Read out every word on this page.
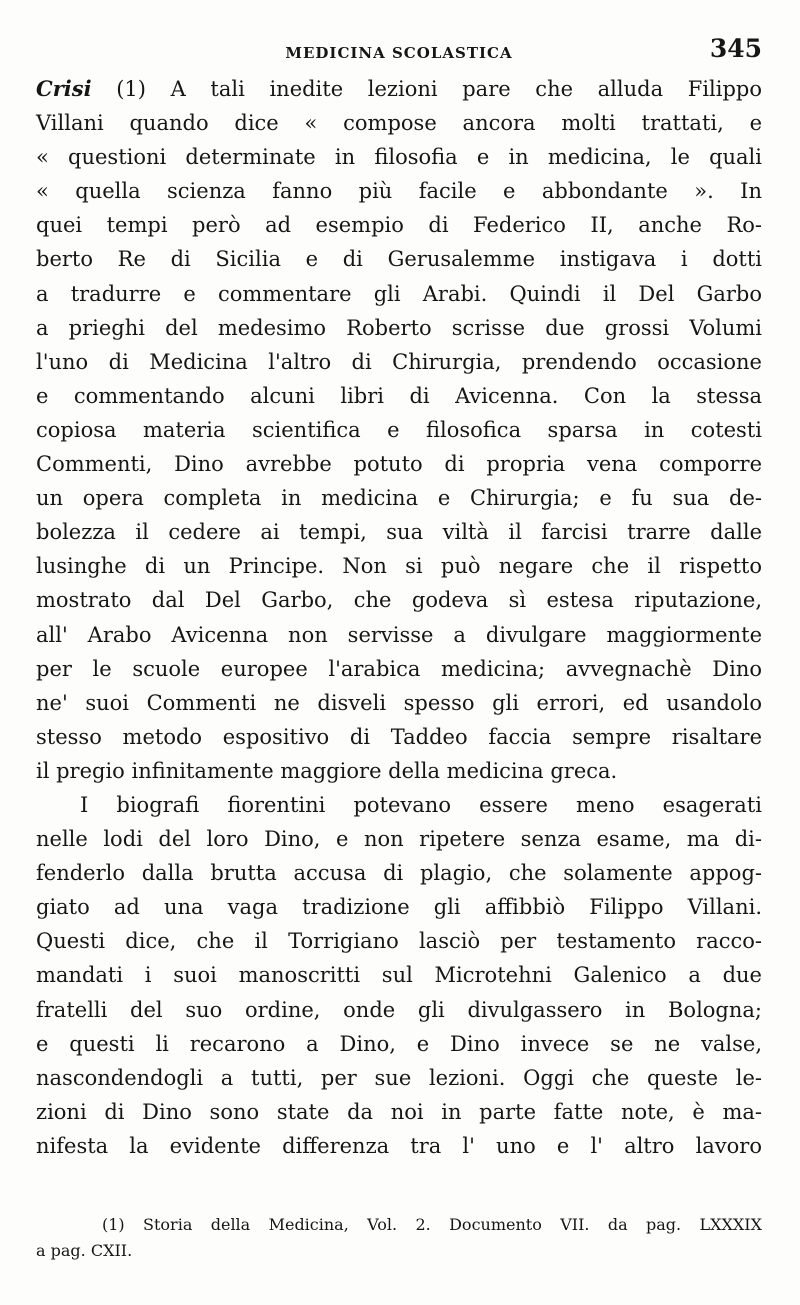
MEDICINA SCOLASTICA	345
Crisi (1) A tali inedite lezioni pare che alluda Filippo
Villani quando dice « compose ancora molti trattati, e
« questioni determinate in filosofia e in medicina, le quali
« quella scienza fanno più facile e abbondante ». In
quei tempi però ad esempio di Federico II, anche Ro-
berto Re di Sicilia e di Gerusalemme instigava i dotti
a tradurre e commentare gli Arabi. Quindi il Del Garbo
a prieghi del medesimo Roberto scrisse due grossi Volumi
l'uno di Medicina l'altro di Chirurgia, prendendo occasione
e commentando alcuni libri di Avicenna. Con la stessa
copiosa materia scientifica e filosofica sparsa in cotesti
Commenti, Dino avrebbe potuto di propria vena comporre
un opera completa in medicina e Chirurgia; e fu sua de-
bolezza il cedere ai tempi, sua viltà il farcisi trarre dalle
lusinghe di un Principe. Non si può negare che il rispetto
mostrato dal Del Garbo, che godeva sì estesa riputazione,
all' Arabo Avicenna non servisse a divulgare maggiormente
per le scuole europee l'arabica medicina; avvegnachè Dino
ne' suoi Commenti ne disveli spesso gli errori, ed usandolo
stesso metodo espositivo di Taddeo faccia sempre risaltare
il pregio infinitamente maggiore della medicina greca.
I biografi fiorentini potevano essere meno esagerati
nelle lodi del loro Dino, e non ripetere senza esame, ma di-
fenderlo dalla brutta accusa di plagio, che solamente appog-
giato ad una vaga tradizione gli affibbiò Filippo Villani.
Questi dice, che il Torrigiano lasciò per testamento racco-
mandati i suoi manoscritti sul Microtehni Galenico a due
fratelli del suo ordine, onde gli divulgassero in Bologna;
e questi li recarono a Dino, e Dino invece se ne valse,
nascondendogli a tutti, per sue lezioni. Oggi che queste le-
zioni di Dino sono state da noi in parte fatte note, è ma-
nifesta la evidente differenza tra l' uno e l' altro lavoro
(1) Storia della Medicina, Vol. 2. Documento VII. da pag. LXXXIX
a pag. CXII.
